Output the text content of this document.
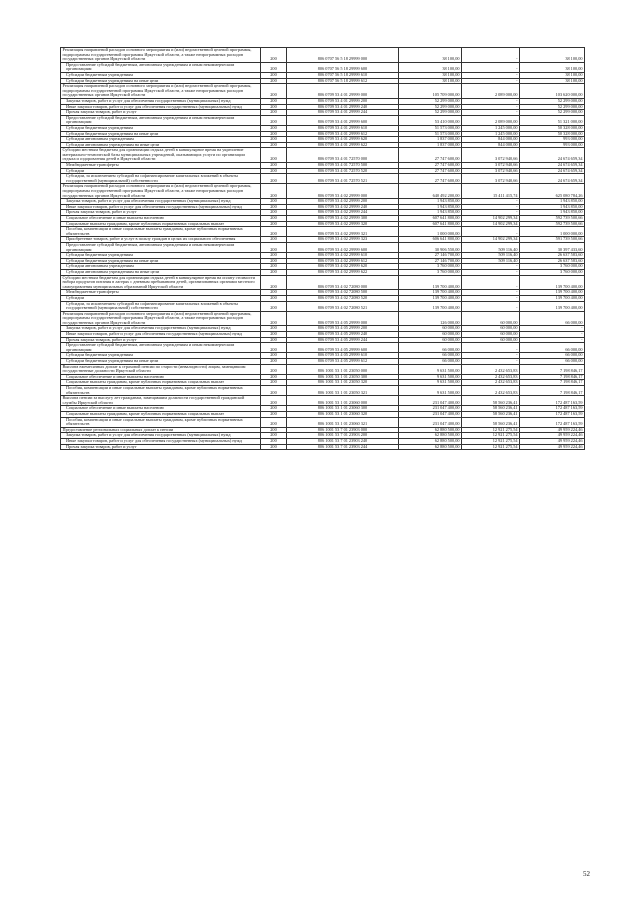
Реализация направлений расходов основного мероприятия и (или) ведомственной целевой программы, подпрограммы государственной программы Иркутской области, а также непрограммных расходов государственных органов Иркутской области	200	806 0707 56 5 18 29999 000	38 100,00	-	38 100,00
Предоставление субсидий бюджетным, автономным учреждениям и иным некоммерческим организациям	200	806 0707 56 5 18 29999 600	38 100,00	-	38 100,00
Субсидии бюджетным учреждениям	200	806 0707 56 5 18 29999 610	38 100,00	-	38 100,00
Субсидии бюджетным учреждениям на иные цели	200	806 0707 56 5 18 29999 612	38 100,00	-	38 100,00
Реализация направлений расходов основного мероприятия и (или) ведомственной целевой программы, подпрограммы государственной программы Иркутской области, а также непрограммных расходов государственных органов Иркутской области	200	806 0709 53 4 01 29999 000	105 709 000,00	2 089 000,00	103 620 000,00
Закупка товаров, работ и услуг для обеспечения государственных (муниципальных) нужд	200	806 0709 53 4 01 29999 200	52 299 000,00	-	52 299 000,00
Иные закупки товаров, работ и услуг для обеспечения государственных (муниципальных) нужд	200	806 0709 53 4 01 29999 240	52 299 000,00	-	52 299 000,00
Прочая закупка товаров, работ и услуг	200	806 0709 53 4 01 29999 244	52 299 000,00	-	52 299 000,00
Предоставление субсидий бюджетным, автономным учреждениям и иным некоммерческим организациям	200	806 0709 53 4 01 29999 600	53 410 000,00	2 089 000,00	51 321 000,00
Субсидии бюджетным учреждениям	200	806 0709 53 4 01 29999 610	51 573 000,00	1 245 000,00	50 328 000,00
Субсидии бюджетным учреждениям на иные цели	200	806 0709 53 4 01 29999 612	51 573 000,00	1 245 000,00	50 328 000,00
Субсидии автономным учреждениям	200	806 0709 53 4 01 29999 620	1 837 000,00	844 000,00	993 000,00
Субсидии автономным учреждениям на иные цели	200	806 0709 53 4 01 29999 622	1 837 000,00	844 000,00	993 000,00
Субсидии местным бюджетам для организации отдыха детей в каникулярное время на укрепление материально-технической базы муниципальных учреждений, оказывающих услуги по организации отдыха и оздоровления детей в Иркутской области	200	806 0709 53 4 01 72570 000	27 747 600,00	3 072 940,66	24 674 659,34
Межбюджетные трансферты	200	806 0709 53 4 01 72570 500	27 747 600,00	3 072 940,66	24 674 659,34
Субсидии	200	806 0709 53 4 01 72570 520	27 747 600,00	3 072 940,66	24 674 659,34
Субсидии, за исключением субсидий на софинансирование капитальных вложений в объекты государственной (муниципальной) собственности	200	806 0709 53 4 01 72570 521	27 747 600,00	3 072 940,66	24 674 659,34
Реализация направлений расходов основного мероприятия и (или) ведомственной целевой программы, подпрограммы государственной программы Иркутской области, а также непрограммных расходов государственных органов Иркутской области	200	806 0709 53 4 02 29999 000	640 492 200,00	15 411 415,74	625 080 784,26
Закупка товаров, работ и услуг для обеспечения государственных (муниципальных) нужд	200	806 0709 53 4 02 29999 200	1 943 850,00	-	1 943 850,00
Иные закупки товаров, работ и услуг для обеспечения государственных (муниципальных) нужд	200	806 0709 53 4 02 29999 240	1 943 850,00	-	1 943 850,00
Прочая закупка товаров, работ и услуг	200	806 0709 53 4 02 29999 244	1 943 850,00	-	1 943 850,00
Социальное обеспечение и иные выплаты населению	200	806 0709 53 4 02 29999 300	607 641 800,00	14 902 299,34	592 739 500,66
Социальные выплаты гражданам, кроме публичных нормативных социальных выплат	200	806 0709 53 4 02 29999 320	607 641 800,00	14 902 299,34	592 739 500,66
Пособия, компенсации и иные социальные выплаты гражданам, кроме публичных нормативных обязательств	200	806 0709 53 4 02 29999 321	1 000 000,00	-	1 000 000,00
Приобретение товаров, работ и услуг в пользу граждан в целях их социального обеспечения	200	806 0709 53 4 02 29999 323	606 641 800,00	14 902 299,34	591 739 500,66
Предоставление субсидий бюджетным, автономным учреждениям и иным некоммерческим организациям	200	806 0709 53 4 02 29999 600	30 906 550,00	509 116,40	30 397 433,60
Субсидии бюджетным учреждениям	200	806 0709 53 4 02 29999 610	27 146 700,00	509 116,40	26 637 583,60
Субсидии бюджетным учреждениям на иные цели	200	806 0709 53 4 02 29999 612	27 146 700,00	509 116,40	26 637 583,60
Субсидии автономным учреждениям	200	806 0709 53 4 02 29999 620	3 760 000,00	-	3 760 000,00
Субсидии автономным учреждениям на иные цели	200	806 0709 53 4 02 29999 622	3 760 000,00	-	3 760 000,00
Субсидии местным бюджетам для организации отдыха детей в каникулярное время на оплату стоимости набора продуктов питания в лагерях с дневным пребыванием детей, организованных органами местного самоуправления муниципальных образований Иркутской области	200	806 0709 53 4 02 72080 000	139 700 400,00	-	139 700 400,00
Межбюджетные трансферты	200	806 0709 53 4 02 72080 500	139 700 400,00	-	139 700 400,00
Субсидии	200	806 0709 53 4 02 72080 520	139 700 400,00	-	139 700 400,00
Субсидии, за исключением субсидий на софинансирование капитальных вложений в объекты государственной (муниципальной) собственности	200	806 0709 53 4 02 72080 521	139 700 400,00	-	139 700 400,00
Реализация направлений расходов основного мероприятия и (или) ведомственной целевой программы, подпрограммы государственной программы Иркутской области, а также непрограммных расходов государственных органов Иркутской области	200	806 0709 53 4 05 29999 000	126 000,00	60 000,00	66 000,00
Закупка товаров, работ и услуг для обеспечения государственных (муниципальных) нужд	200	806 0709 53 4 05 29999 200	60 000,00	60 000,00	-
Иные закупки товаров, работ и услуг для обеспечения государственных (муниципальных) нужд	200	806 0709 53 4 05 29999 240	60 000,00	60 000,00	-
Прочая закупка товаров, работ и услуг	200	806 0709 53 4 05 29999 244	60 000,00	60 000,00	-
Предоставление субсидий бюджетным, автономным учреждениям и иным некоммерческим организациям	200	806 0709 53 4 05 29999 600	66 000,00	-	66 000,00
Субсидии бюджетным учреждениям	200	806 0709 53 4 05 29999 610	66 000,00	-	66 000,00
Субсидии бюджетным учреждениям на иные цели	200	806 0709 53 4 05 29999 612	66 000,00	-	66 000,00
Выплата ежемесячных доплат к страховой пенсии по старости (инвалидности) лицам, замещавшим государственные должности Иркутской области	200	806 1001 53 1 01 23050 000	9 631 500,00	2 432 653,83	7 198 846,17
Социальное обеспечение и иные выплаты населению	200	806 1001 53 1 01 23050 300	9 631 500,00	2 432 653,83	7 198 846,17
Социальные выплаты гражданам, кроме публичных нормативных социальных выплат	200	806 1001 53 1 01 23050 320	9 631 500,00	2 432 653,83	7 198 846,17
Пособия, компенсации и иные социальные выплаты гражданам, кроме публичных нормативных обязательств	200	806 1001 53 1 01 23050 321	9 631 500,00	2 432 653,83	7 198 846,17
Выплата пенсии за выслугу лет гражданам, замещавшим должности государственной гражданской службы Иркутской области	200	806 1001 53 1 01 23060 000	231 047 400,00	58 560 236,41	172 487 163,59
Социальное обеспечение и иные выплаты населению	200	806 1001 53 1 01 23060 300	231 047 400,00	58 560 236,41	172 487 163,59
Социальные выплаты гражданам, кроме публичных нормативных социальных выплат	200	806 1001 53 1 01 23060 320	231 047 400,00	58 560 236,41	172 487 163,59
Пособия, компенсации и иные социальные выплаты гражданам, кроме публичных нормативных обязательств	200	806 1001 53 1 01 23060 321	231 047 400,00	58 560 236,41	172 487 163,59
Предоставление региональных социальных доплат к пенсии	200	806 1001 53 7 01 23903 000	62 880 500,00	12 921 275,54	49 959 224,46
Закупка товаров, работ и услуг для обеспечения государственных (муниципальных) нужд	200	806 1001 53 7 01 23903 200	62 880 500,00	12 921 275,54	49 959 224,46
Иные закупки товаров, работ и услуг для обеспечения государственных (муниципальных) нужд	200	806 1001 53 7 01 23903 240	62 880 500,00	12 921 275,54	49 959 224,46
Прочая закупка товаров, работ и услуг	200	806 1001 53 7 01 23903 244	62 880 500,00	12 921 275,54	49 959 224,46
52
